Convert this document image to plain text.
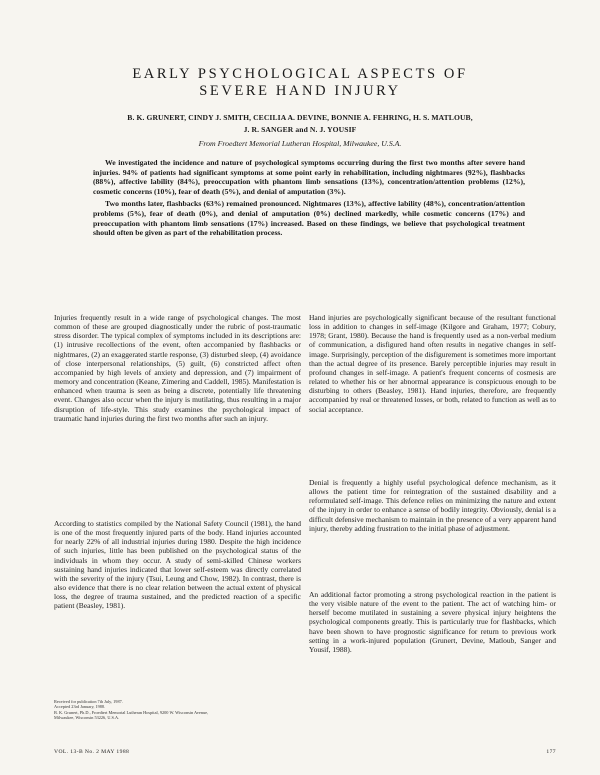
EARLY PSYCHOLOGICAL ASPECTS OF
SEVERE HAND INJURY
B. K. GRUNERT, CINDY J. SMITH, CECILIA A. DEVINE, BONNIE A. FEHRING, H. S. MATLOUB,
J. R. SANGER and N. J. YOUSIF
From Froedtert Memorial Lutheran Hospital, Milwaukee, U.S.A.

We investigated the incidence and nature of psychological symptoms occurring during the first two months after severe hand injuries. 94% of patients had significant symptoms at some point early in rehabilitation, including nightmares (92%), flashbacks (88%), affective lability (84%), preoccupation with phantom limb sensations (13%), concentration/attention problems (12%), cosmetic concerns (10%), fear of death (5%), and denial of amputation (3%).

Two months later, flashbacks (63%) remained pronounced. Nightmares (13%), affective lability (48%), concentration/attention problems (5%), fear of death (0%), and denial of amputation (0%) declined markedly, while cosmetic concerns (17%) and preoccupation with phantom limb sensations (17%) increased. Based on these findings, we believe that psychological treatment should often be given as part of the rehabilitation process.

Injuries frequently result in a wide range of psychological changes. The most common of these are grouped diagnostically under the rubric of post-traumatic stress disorder. The typical complex of symptoms included in its descriptions are: (1) intrusive recollections of the event, often accompanied by flashbacks or nightmares, (2) an exaggerated startle response, (3) disturbed sleep, (4) avoidance of close interpersonal relationships, (5) guilt, (6) constricted affect often accompanied by high levels of anxiety and depression, and (7) impairment of memory and concentration (Keane, Zimering and Caddell, 1985). Manifestation is enhanced when trauma is seen as being a discrete, potentially life threatening event. Changes also occur when the injury is mutilating, thus resulting in a major disruption of life-style. This study examines the psychological impact of traumatic hand injuries during the first two months after such an injury.

According to statistics compiled by the National Safety Council (1981), the hand is one of the most frequently injured parts of the body. Hand injuries accounted for nearly 22% of all industrial injuries during 1980. Despite the high incidence of such injuries, little has been published on the psychological status of the individuals in whom they occur. A study of semi-skilled Chinese workers sustaining hand injuries indicated that lower self-esteem was directly correlated with the severity of the injury (Tsui, Leung and Chow, 1982). In contrast, there is also evidence that there is no clear relation between the actual extent of physical loss, the degree of trauma sustained, and the predicted reaction of a specific patient (Beasley, 1981).

Hand injuries are psychologically significant because of the resultant functional loss in addition to changes in self-image (Kilgore and Graham, 1977; Cobury, 1978; Grant, 1980). Because the hand is frequently used as a non-verbal medium of communication, a disfigured hand often results in negative changes in self-image. Surprisingly, perception of the disfigurement is sometimes more important than the actual degree of its presence. Barely perceptible injuries may result in profound changes in self-image. A patient's frequent concerns of cosmesis are related to whether his or her abnormal appearance is conspicuous enough to be disturbing to others (Beasley, 1981). Hand injuries, therefore, are frequently accompanied by real or threatened losses, or both, related to function as well as to social acceptance.

Denial is frequently a highly useful psychological defence mechanism, as it allows the patient time for reintegration of the sustained disability and a reformulated self-image. This defence relies on minimizing the nature and extent of the injury in order to enhance a sense of bodily integrity. Obviously, denial is a difficult defensive mechanism to maintain in the presence of a very apparent hand injury, thereby adding frustration to the initial phase of adjustment.

An additional factor promoting a strong psychological reaction in the patient is the very visible nature of the event to the patient. The act of watching him- or herself become mutilated in sustaining a severe physical injury heightens the psychological components greatly. This is particularly true for flashbacks, which have been shown to have prognostic significance for return to previous work setting in a work-injured population (Grunert, Devine, Matloub, Sanger and Yousif, 1988).

Received for publication 7th July, 1987.

Accepted 23rd January, 1988.

B. K. Grunert, Ph.D., Froedtert Memorial Lutheran Hospital, 9200 W. Wisconsin Avenue,

Milwaukee, Wisconsin 53226, U.S.A.

VOL. 13-B No. 2 MAY 1988	177
